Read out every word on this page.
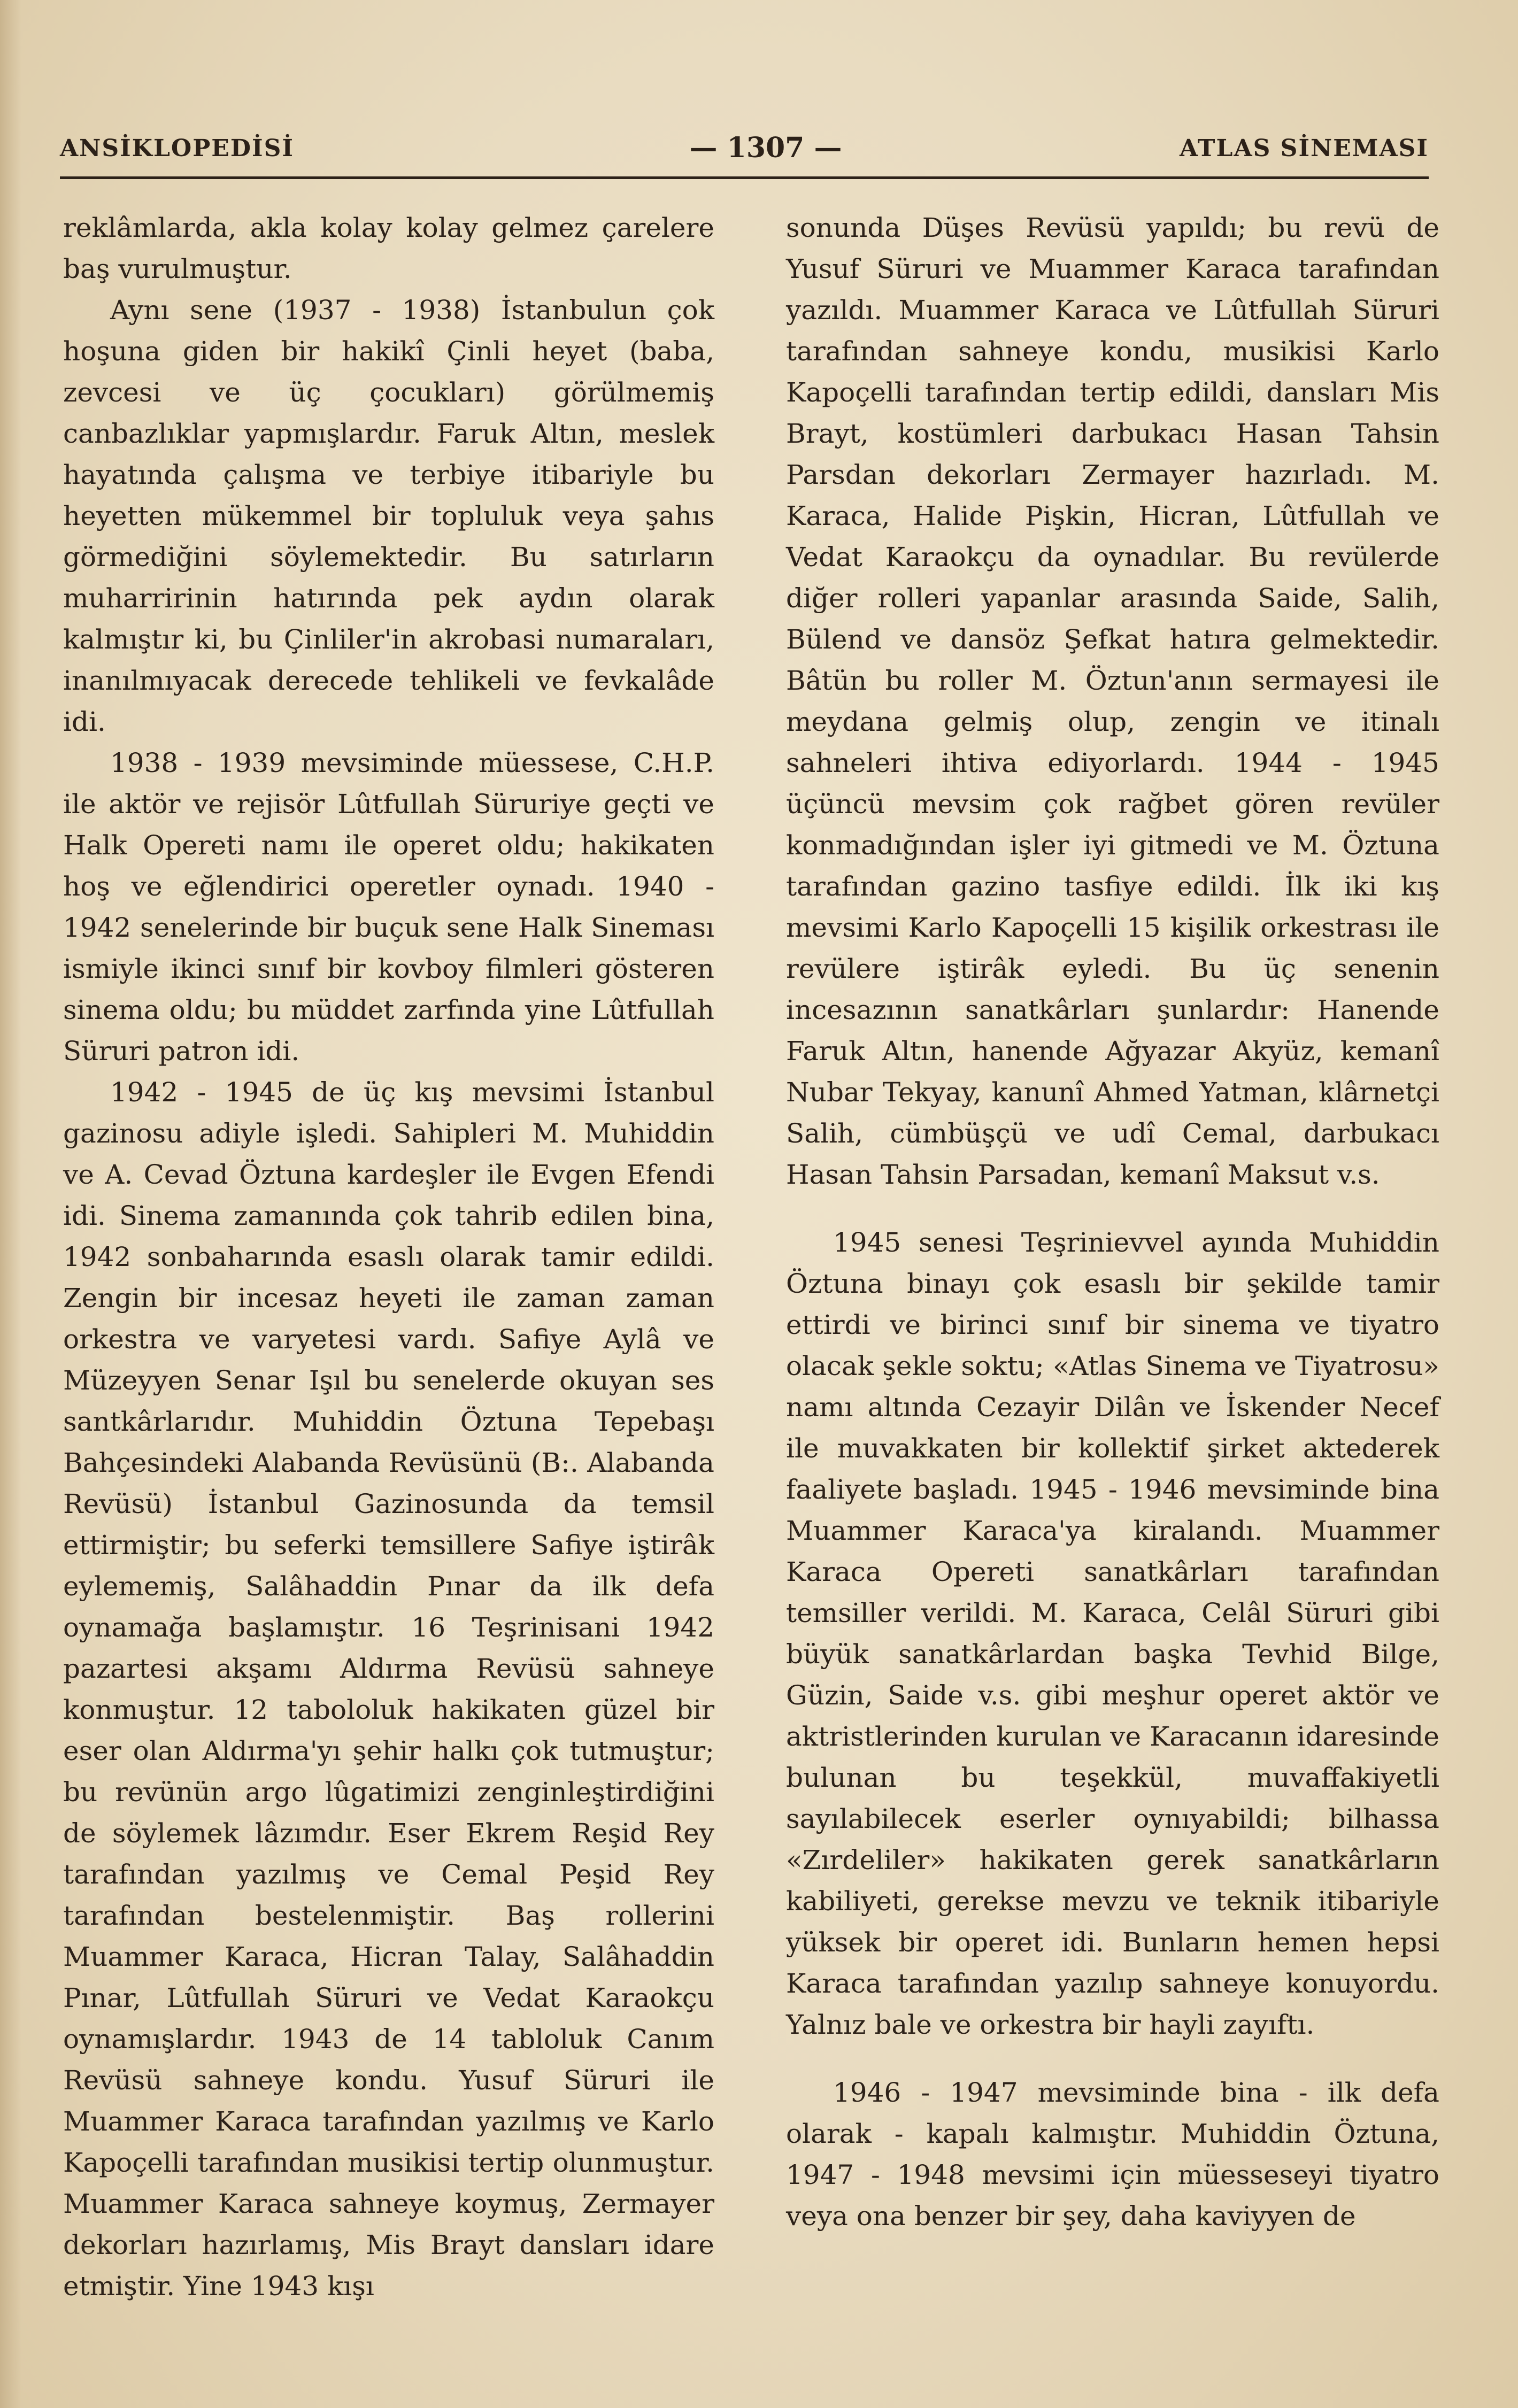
ANSİKLOPEDİSİ	— 1307 —	ATLAS SİNEMASI

reklâmlarda, akla kolay kolay gelmez çarelere baş vurulmuştur.

Aynı sene (1937 - 1938) İstanbulun çok hoşuna giden bir hakikî Çinli heyet (baba, zevcesi ve üç çocukları) görülmemiş canbazlıklar yapmışlardır. Faruk Altın, meslek hayatında çalışma ve terbiye itibariyle bu heyetten mükemmel bir topluluk veya şahıs görmediğini söylemektedir. Bu satırların muharririnin hatırında pek aydın olarak kalmıştır ki, bu Çinliler'in akrobasi numaraları, inanılmıyacak derecede tehlikeli ve fevkalâde idi.

1938 - 1939 mevsiminde müessese, C.H.P. ile aktör ve rejisör Lûtfullah Süruriye geçti ve Halk Opereti namı ile operet oldu; hakikaten hoş ve eğlendirici operetler oynadı. 1940 - 1942 senelerinde bir buçuk sene Halk Sineması ismiyle ikinci sınıf bir kovboy filmleri gösteren sinema oldu; bu müddet zarfında yine Lûtfullah Süruri patron idi.

1942 - 1945 de üç kış mevsimi İstanbul gazinosu adiyle işledi. Sahipleri M. Muhiddin ve A. Cevad Öztuna kardeşler ile Evgen Efendi idi. Sinema zamanında çok tahrib edilen bina, 1942 sonbaharında esaslı olarak tamir edildi. Zengin bir incesaz heyeti ile zaman zaman orkestra ve varyetesi vardı. Safiye Aylâ ve Müzeyyen Senar Işıl bu senelerde okuyan ses santkârlarıdır. Muhiddin Öztuna Tepebaşı Bahçesindeki Alabanda Revüsünü (B:. Alabanda Revüsü) İstanbul Gazinosunda da temsil ettirmiştir; bu seferki temsillere Safiye iştirâk eylememiş, Salâhaddin Pınar da ilk defa oynamağa başlamıştır. 16 Teşrinisani 1942 pazartesi akşamı Aldırma Revüsü sahneye konmuştur. 12 tabololuk hakikaten güzel bir eser olan Aldırma'yı şehir halkı çok tutmuştur; bu revünün argo lûgatimizi zenginleştirdiğini de söylemek lâzımdır. Eser Ekrem Reşid Rey tarafından yazılmış ve Cemal Peşid Rey tarafından bestelenmiştir. Baş rollerini Muammer Karaca, Hicran Talay, Salâhaddin Pınar, Lûtfullah Süruri ve Vedat Karaokçu oynamışlardır. 1943 de 14 tabloluk Canım Revüsü sahneye kondu. Yusuf Süruri ile Muammer Karaca tarafından yazılmış ve Karlo Kapoçelli tarafından musikisi tertip olunmuştur. Muammer Karaca sahneye koymuş, Zermayer dekorları hazırlamış, Mis Brayt dansları idare etmiştir. Yine 1943 kışı

sonunda Düşes Revüsü yapıldı; bu revü de Yusuf Süruri ve Muammer Karaca tarafından yazıldı. Muammer Karaca ve Lûtfullah Süruri tarafından sahneye kondu, musikisi Karlo Kapoçelli tarafından tertip edildi, dansları Mis Brayt, kostümleri darbukacı Hasan Tahsin Parsdan dekorları Zermayer hazırladı. M. Karaca, Halide Pişkin, Hicran, Lûtfullah ve Vedat Karaokçu da oynadılar. Bu revülerde diğer rolleri yapanlar arasında Saide, Salih, Bülend ve dansöz Şefkat hatıra gelmektedir. Bâtün bu roller M. Öztun'anın sermayesi ile meydana gelmiş olup, zengin ve itinalı sahneleri ihtiva ediyorlardı. 1944 - 1945 üçüncü mevsim çok rağbet gören revüler konmadığından işler iyi gitmedi ve M. Öztuna tarafından gazino tasfiye edildi. İlk iki kış mevsimi Karlo Kapoçelli 15 kişilik orkestrası ile revülere iştirâk eyledi. Bu üç senenin incesazının sanatkârları şunlardır: Hanende Faruk Altın, hanende Ağyazar Akyüz, kemanî Nubar Tekyay, kanunî Ahmed Yatman, klârnetçi Salih, cümbüşçü ve udî Cemal, darbukacı Hasan Tahsin Parsadan, kemanî Maksut v.s.

1945 senesi Teşrinievvel ayında Muhiddin Öztuna binayı çok esaslı bir şekilde tamir ettirdi ve birinci sınıf bir sinema ve tiyatro olacak şekle soktu; «Atlas Sinema ve Tiyatrosu» namı altında Cezayir Dilân ve İskender Necef ile muvakkaten bir kollektif şirket aktederek faaliyete başladı. 1945 - 1946 mevsiminde bina Muammer Karaca'ya kiralandı. Muammer Karaca Opereti sanatkârları tarafından temsiller verildi. M. Karaca, Celâl Süruri gibi büyük sanatkârlardan başka Tevhid Bilge, Güzin, Saide v.s. gibi meşhur operet aktör ve aktristlerinden kurulan ve Karacanın idaresinde bulunan bu teşekkül, muvaffakiyetli sayılabilecek eserler oynıyabildi; bilhassa «Zırdeliler» hakikaten gerek sanatkârların kabiliyeti, gerekse mevzu ve teknik itibariyle yüksek bir operet idi. Bunların hemen hepsi Karaca tarafından yazılıp sahneye konuyordu. Yalnız bale ve orkestra bir hayli zayıftı.

1946 - 1947 mevsiminde bina - ilk defa olarak - kapalı kalmıştır. Muhiddin Öztuna, 1947 - 1948 mevsimi için müesseseyi tiyatro veya ona benzer bir şey, daha kaviyyen de
